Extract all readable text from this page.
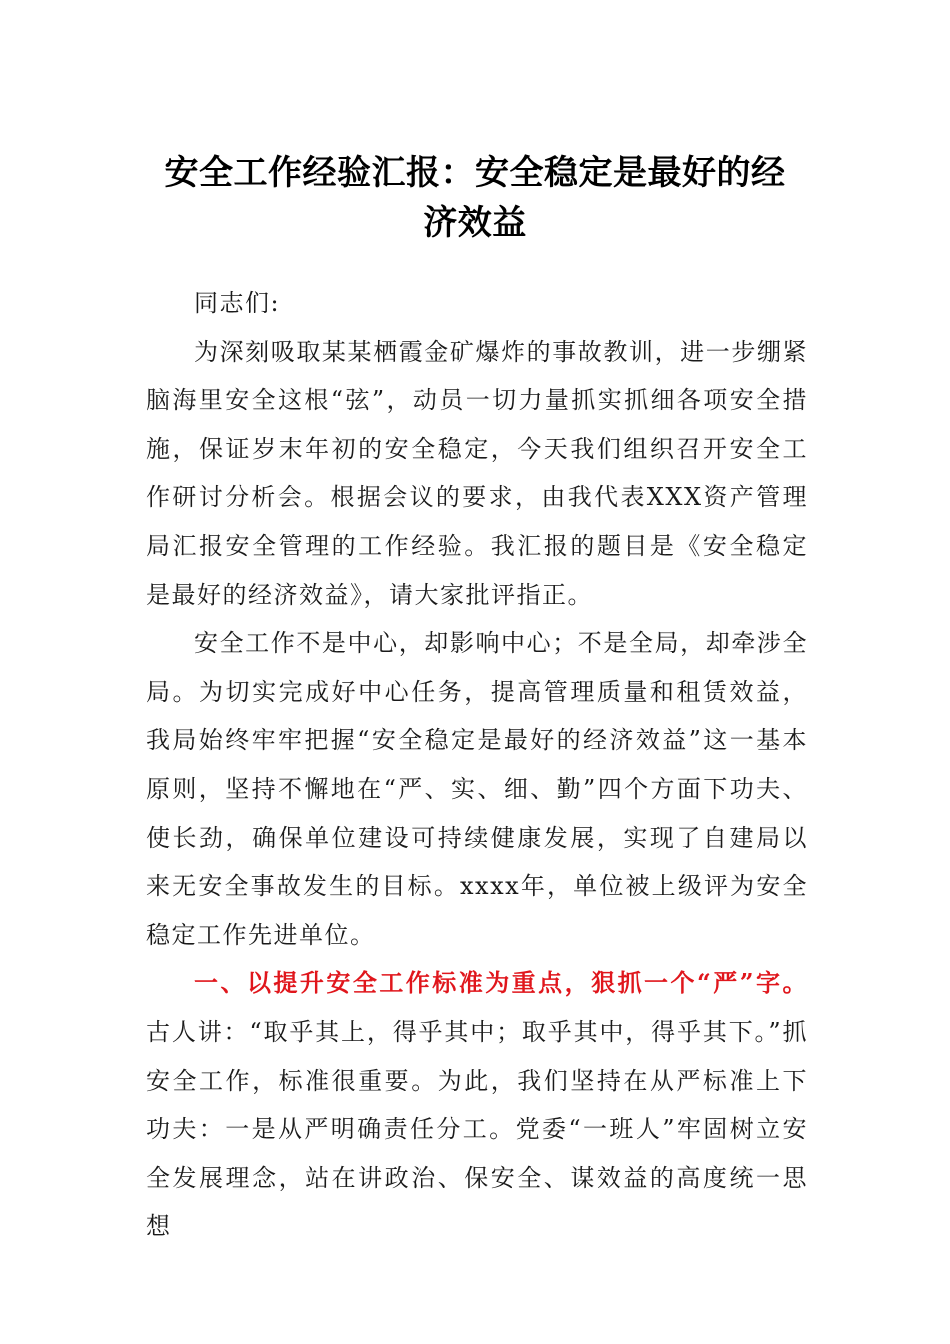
安全工作经验汇报：安全稳定是最好的经
济效益

同志们:

为深刻吸取某某栖霞金矿爆炸的事故教训，进一步绷紧脑海里安全这根“弦”，动员一切力量抓实抓细各项安全措施，保证岁末年初的安全稳定，今天我们组织召开安全工作研讨分析会。根据会议的要求，由我代表XXX资产管理局汇报安全管理的工作经验。我汇报的题目是《安全稳定是最好的经济效益》，请大家批评指正。

安全工作不是中心，却影响中心；不是全局，却牵涉全局。为切实完成好中心任务，提高管理质量和租赁效益，我局始终牢牢把握“安全稳定是最好的经济效益”这一基本原则，坚持不懈地在“严、实、细、勤”四个方面下功夫、使长劲，确保单位建设可持续健康发展，实现了自建局以来无安全事故发生的目标。xxxx年，单位被上级评为安全稳定工作先进单位。

一、以提升安全工作标准为重点，狠抓一个“严”字。古人讲：“取乎其上，得乎其中；取乎其中，得乎其下。”抓安全工作，标准很重要。为此，我们坚持在从严标准上下功夫：一是从严明确责任分工。党委“一班人”牢固树立安全发展理念，站在讲政治、保安全、谋效益的高度统一思想
